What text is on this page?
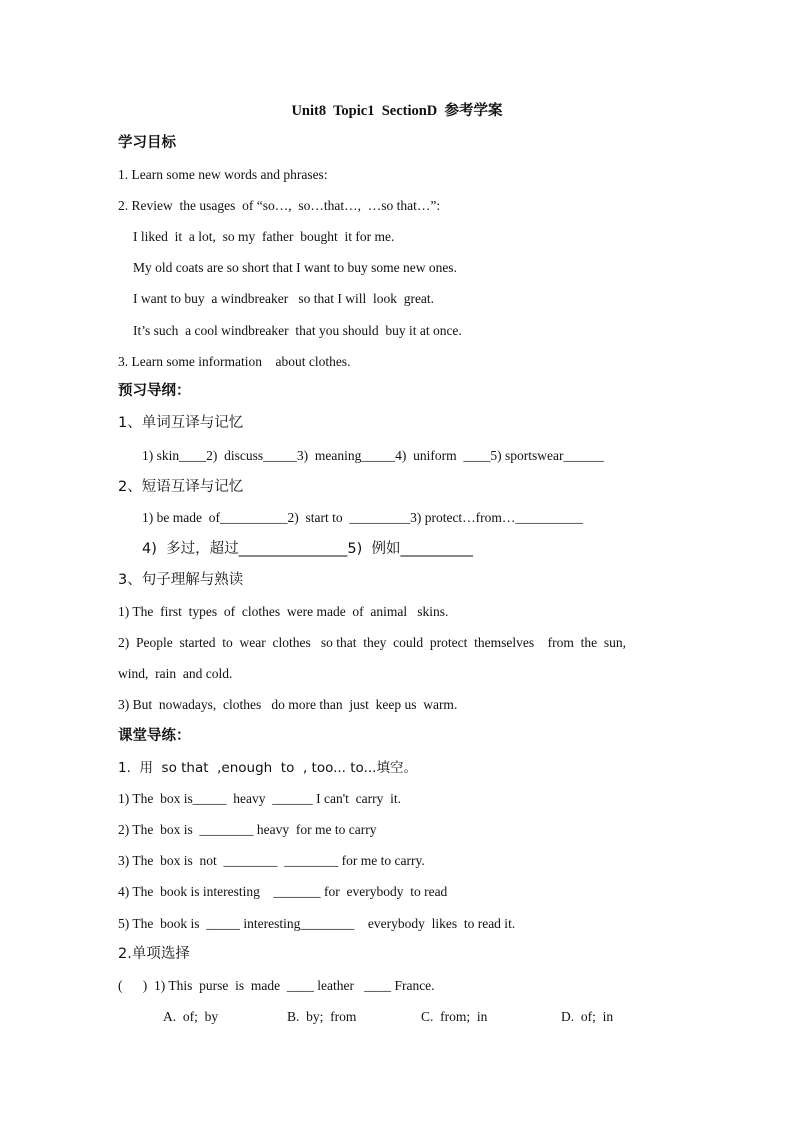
Unit8  Topic1  SectionD  参考学案
学习目标
1. Learn some new words and phrases:
2. Review  the usages  of “so…,  so…that…,  …so that…”:
I liked  it  a lot,  so my  father  bought  it for me.
My old coats are so short that I want to buy some new ones.
I want to buy  a windbreaker   so that I will  look  great.
It’s such  a cool windbreaker  that you should  buy it at once.
3. Learn some information    about clothes.
预习导纲：
1、单词互译与记忆
1) skin____2)  discuss_____3)  meaning_____4)  uniform  ____5) sportswear______
2、短语互译与记忆
1) be made  of__________2)  start to  _________3) protect…from…__________
4)  多过，超过_______________5)  例如__________
3、句子理解与熟读
1) The  first  types  of  clothes  were made  of  animal   skins.
2)  People  started  to  wear  clothes   so that  they  could  protect  themselves    from  the  sun,
wind,  rain  and cold.
3) But  nowadays,  clothes   do more than  just  keep us  warm.
课堂导练：
1.  用  so that  ,enough  to  , too... to...填空。
1) The  box is_____  heavy  ______ I can't  carry  it.
2) The  box is  ________ heavy  for me to carry
3) The  box is  not  ________  ________ for me to carry.
4) The  book is interesting    _______ for  everybody  to read
5) The  book is  _____ interesting________    everybody  likes  to read it.
2.单项选择
(      )  1) This  purse  is  made  ____ leather   ____ France.
A.  of;  by	B.  by;  from	C.  from;  in	D.  of;  in
